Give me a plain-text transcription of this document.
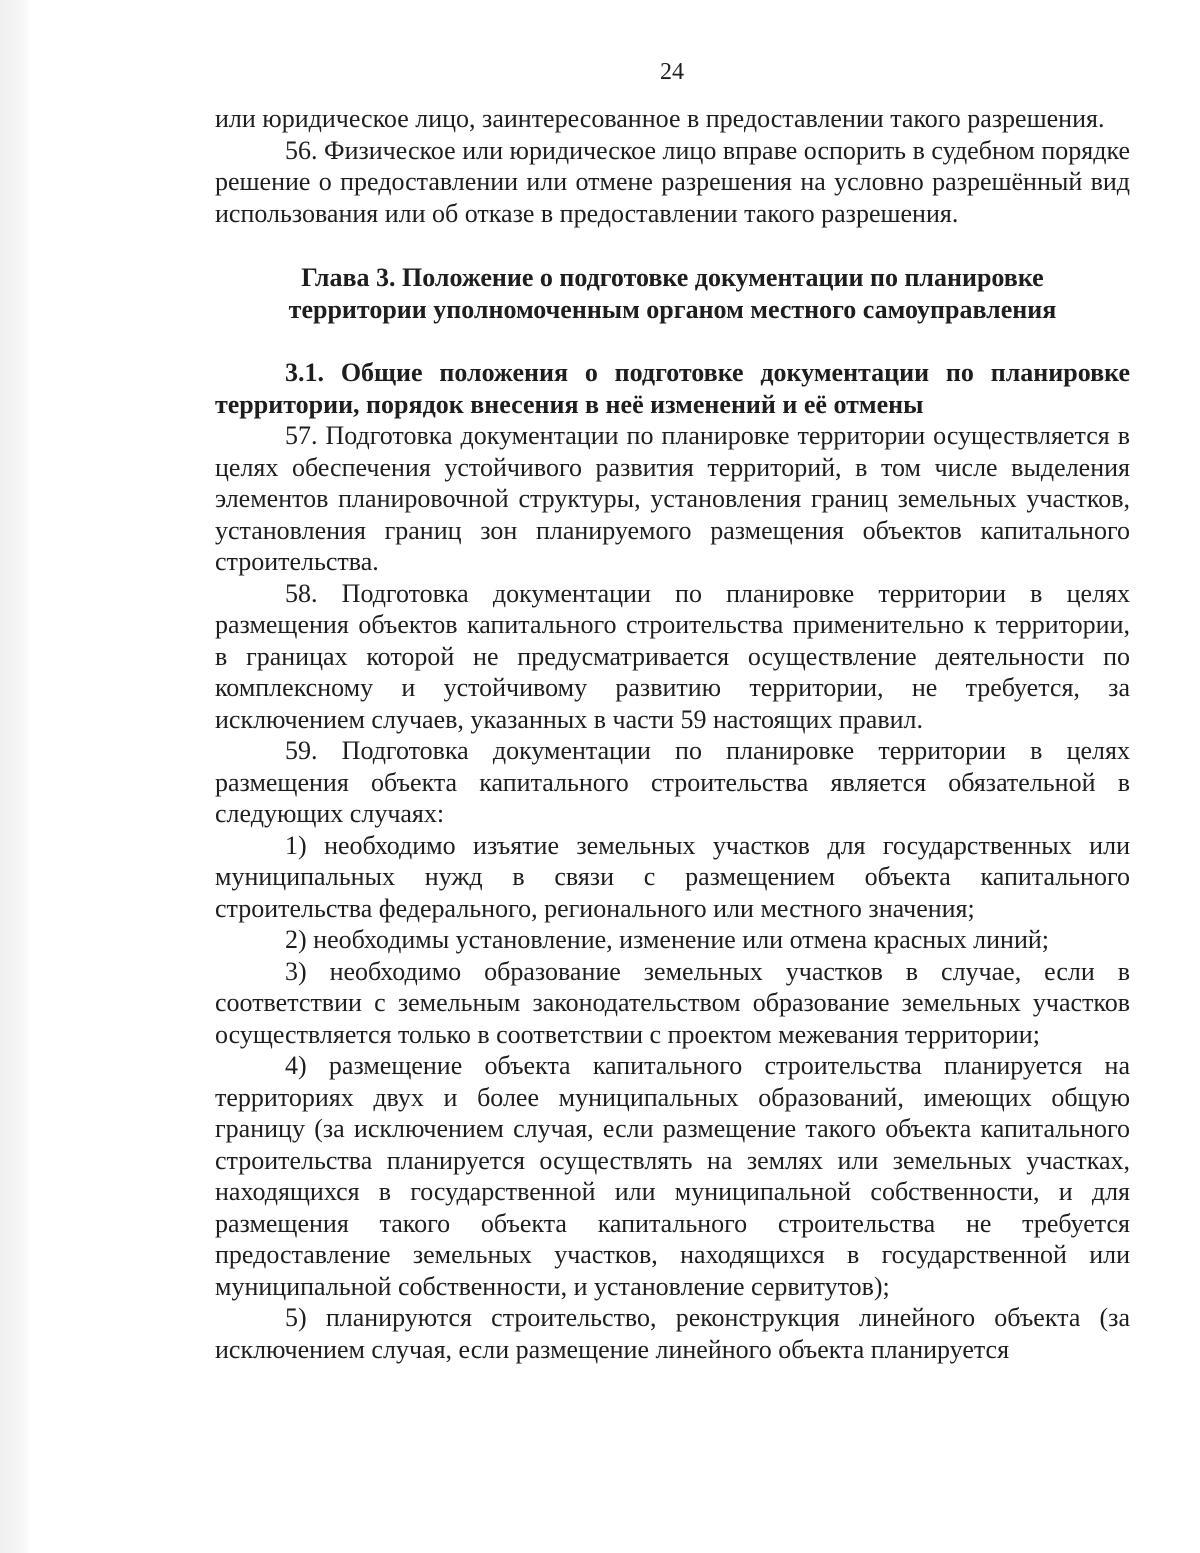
24

или юридическое лицо, заинтересованное в предоставлении такого разрешения.

56. Физическое или юридическое лицо вправе оспорить в судебном порядке решение о предоставлении или отмене разрешения на условно разрешённый вид использования или об отказе в предоставлении такого разрешения.

Глава 3. Положение о подготовке документации по планировке
территории уполномоченным органом местного самоуправления

3.1. Общие положения о подготовке документации по планировке территории, порядок внесения в неё изменений и её отмены

57. Подготовка документации по планировке территории осуществляется в целях обеспечения устойчивого развития территорий, в том числе выделения элементов планировочной структуры, установления границ земельных участков, установления границ зон планируемого размещения объектов капитального строительства.

58. Подготовка документации по планировке территории в целях размещения объектов капитального строительства применительно к территории, в границах которой не предусматривается осуществление деятельности по комплексному и устойчивому развитию территории, не требуется, за исключением случаев, указанных в части 59 настоящих правил.

59. Подготовка документации по планировке территории в целях размещения объекта капитального строительства является обязательной в следующих случаях:

1) необходимо изъятие земельных участков для государственных или муниципальных нужд в связи с размещением объекта капитального строительства федерального, регионального или местного значения;

2) необходимы установление, изменение или отмена красных линий;

3) необходимо образование земельных участков в случае, если в соответствии с земельным законодательством образование земельных участков осуществляется только в соответствии с проектом межевания территории;

4) размещение объекта капитального строительства планируется на территориях двух и более муниципальных образований, имеющих общую границу (за исключением случая, если размещение такого объекта капитального строительства планируется осуществлять на землях или земельных участках, находящихся в государственной или муниципальной собственности, и для размещения такого объекта капитального строительства не требуется предоставление земельных участков, находящихся в государственной или муниципальной собственности, и установление сервитутов);

5) планируются строительство, реконструкция линейного объекта (за исключением случая, если размещение линейного объекта планируется
